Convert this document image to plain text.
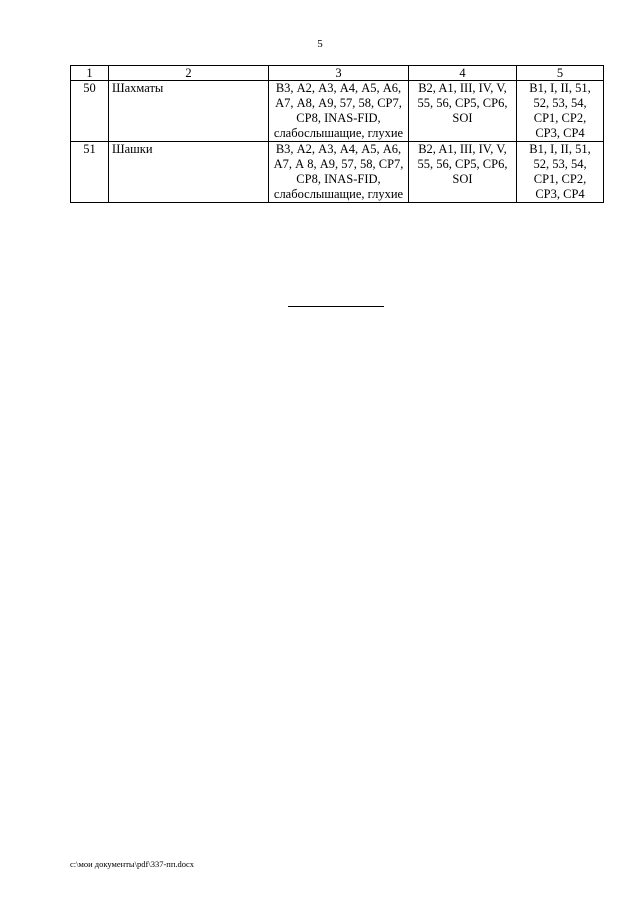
5
1	2	3	4	5
50	Шахматы	В3, А2, А3, А4, А5, А6, А7, А8, А9, 57, 58, CP7, CP8, INAS-FID, слабослышащие, глухие	B2, A1, III, IV, V, 55, 56, CP5, CP6, SOI	B1, I, II, 51, 52, 53, 54, CP1, CP2, CP3, CP4
51	Шашки	В3, А2, А3, А4, А5, А6, А7, А 8, А9, 57, 58, CP7, CP8, INAS-FID, слабослышащие, глухие	B2, A1, III, IV, V, 55, 56, CP5, CP6, SOI	B1, I, II, 51, 52, 53, 54, CP1, CP2, CP3, CP4
c:\мои документы\pdf\337-пп.docx
